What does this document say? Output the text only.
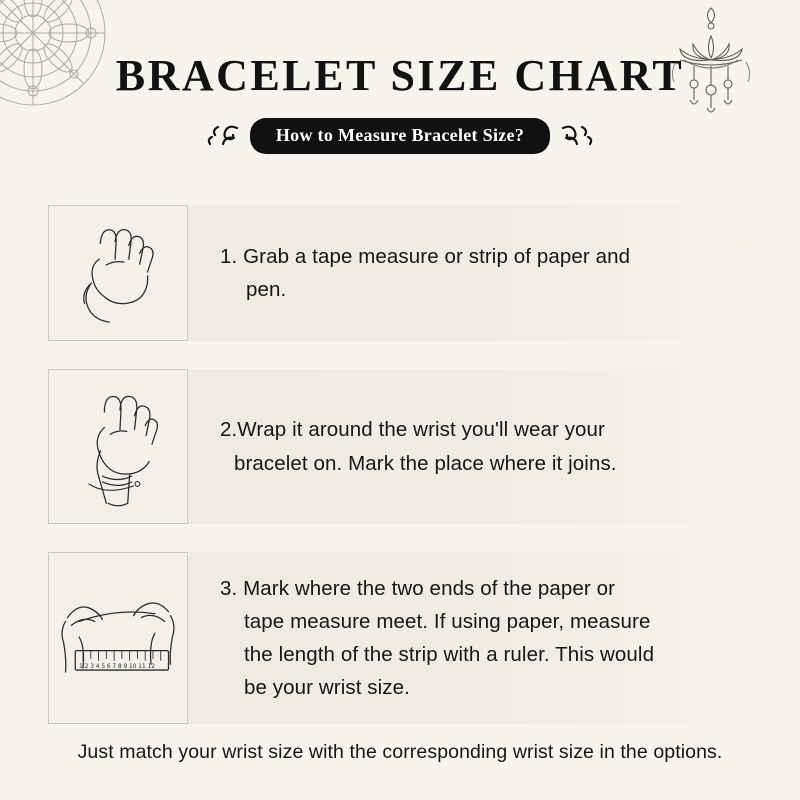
BRACELET SIZE CHART
How to Measure Bracelet Size?
1. Grab a tape measure or strip of paper and
pen.
2.Wrap it around the wrist you'll wear your
bracelet on. Mark the place where it joins.
1 2 3 4 5 6 7 8 9 10 11 12
3. Mark where the two ends of the paper or
tape measure meet. If using paper, measure
the length of the strip with a ruler. This would
be your wrist size.
Just match your wrist size with the corresponding wrist size in the options.
